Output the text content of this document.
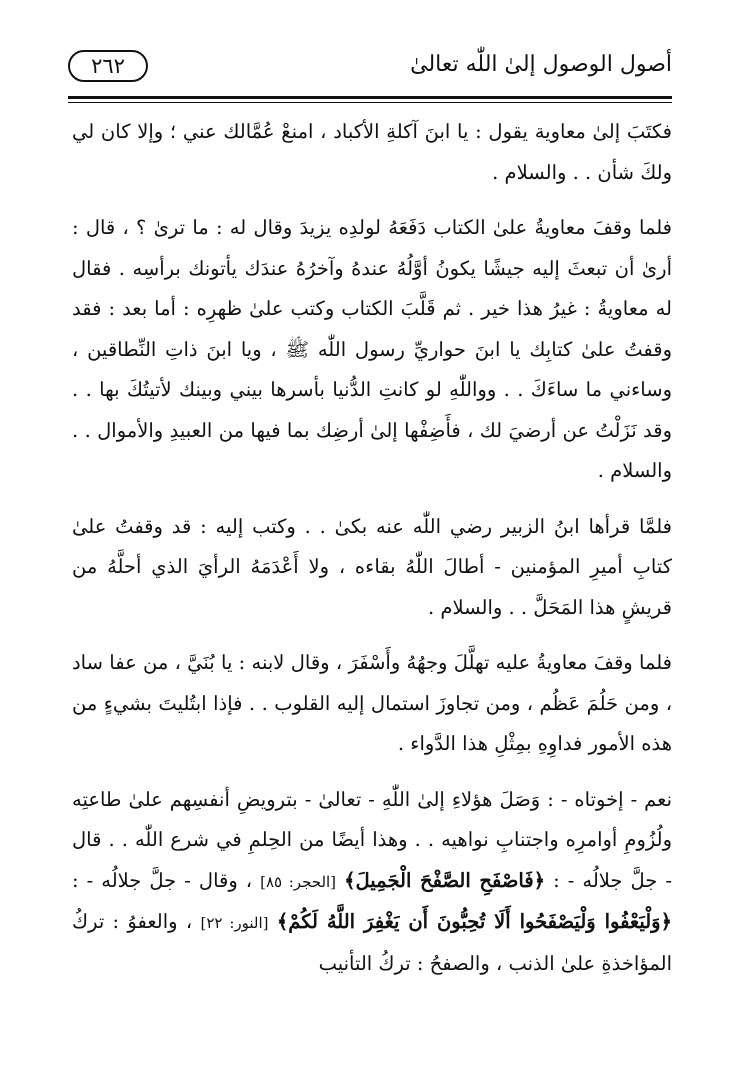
٢٦٢	أصول الوصول إلىٰ اللّٰه تعالىٰ

فكتَبَ إلىٰ معاوية يقول : يا ابنَ آكلةِ الأكباد ، امنعْ عُمَّالك عني ؛ وإلا كان لي ولكَ شأن . . والسلام .

فلما وقفَ معاويةُ علىٰ الكتاب دَفَعَهُ لولدِه يزيدَ وقال له : ما ترىٰ ؟ ، قال : أرىٰ أن تبعثَ إليه جيشًا يكونُ أوَّلُهُ عندهُ وآخرُهُ عندَك يأتونك برأسِه . فقال له معاويةُ : غيرُ هذا خير . ثم قَلَّبَ الكتاب وكتب علىٰ ظهرِه : أما بعد : فقد وقفتُ علىٰ كتابِك يا ابنَ حواريِّ رسول اللّٰه ﷺ ، ويا ابنَ ذاتِ النِّطاقين ، وساءني ما ساءَكَ . . وواللّٰهِ لو كانتِ الدُّنيا بأسرها بيني وبينك لأتيتُكَ بها . . وقد نَزَلْتُ عن أرضيَ لك ، فأَضِفْها إلىٰ أرضِك بما فيها من العبيدِ والأموال . . والسلام .

فلمَّا قرأها ابنُ الزبير رضي اللّٰه عنه بكىٰ . . وكتب إليه : قد وقفتُ علىٰ كتابِ أميرِ المؤمنين - أطالَ اللّٰهُ بقاءه ، ولا أَعْدَمَهُ الرأيَ الذي أحلَّهُ من قريشٍ هذا المَحَلَّ . . والسلام .

فلما وقفَ معاويةُ عليه تهلَّلَ وجهُهُ وأَسْفَرَ ، وقال لابنه : يا بُنَيَّ ، من عفا ساد ، ومن حَلُمَ عَظُم ، ومن تجاوزَ استمال إليه القلوب . . فإذا ابتُليتَ بشيءٍ من هذه الأمور فداوِهِ بمِثْلِ هذا الدَّواء .

نعم - إخوتاه - : وَصَلَ هؤلاءِ إلىٰ اللّٰهِ - تعالىٰ - بترويضِ أنفسِهم علىٰ طاعتِه ولُزُومِ أوامرِه واجتنابِ نواهيه . . وهذا أيضًا من الحِلمِ في شرع اللّٰه . . قال - جلَّ جلالُه - : ﴿فَاصْفَحِ الصَّفْحَ الْجَمِيلَ﴾ [الحجر: ٨٥] ، وقال - جلَّ جلالُه - : ﴿وَلْيَعْفُوا وَلْيَصْفَحُوا أَلَا تُحِبُّونَ أَن يَغْفِرَ اللَّهُ لَكُمْ﴾ [النور: ٢٢] ، والعفوُ : تركُ المؤاخذةِ علىٰ الذنب ، والصفحُ : تركُ التأنيب
